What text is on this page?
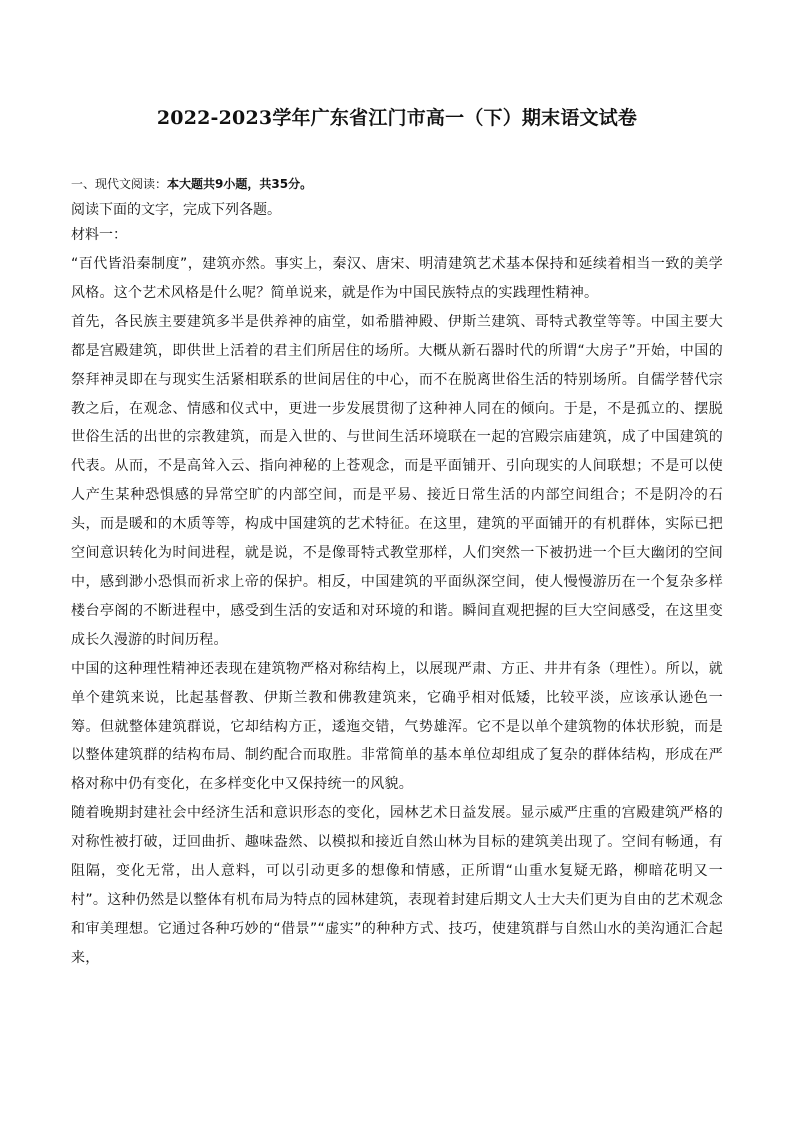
2022-2023学年广东省江门市高一（下）期末语文试卷
一、现代文阅读：本大题共9小题，共35分。
阅读下面的文字，完成下列各题。
材料一：

“百代皆沿秦制度”，建筑亦然。事实上，秦汉、唐宋、明清建筑艺术基本保持和延续着相当一致的美学风格。这个艺术风格是什么呢？简单说来，就是作为中国民族特点的实践理性精神。

首先，各民族主要建筑多半是供养神的庙堂，如希腊神殿、伊斯兰建筑、哥特式教堂等等。中国主要大都是宫殿建筑，即供世上活着的君主们所居住的场所。大概从新石器时代的所谓“大房子”开始，中国的祭拜神灵即在与现实生活紧相联系的世间居住的中心，而不在脱离世俗生活的特别场所。自儒学替代宗教之后，在观念、情感和仪式中，更进一步发展贯彻了这种神人同在的倾向。于是，不是孤立的、摆脱世俗生活的出世的宗教建筑，而是入世的、与世间生活环境联在一起的宫殿宗庙建筑，成了中国建筑的代表。从而，不是高耸入云、指向神秘的上苍观念，而是平面铺开、引向现实的人间联想；不是可以使人产生某种恐惧感的异常空旷的内部空间，而是平易、接近日常生活的内部空间组合；不是阴冷的石头，而是暖和的木质等等，构成中国建筑的艺术特征。在这里，建筑的平面铺开的有机群体，实际已把空间意识转化为时间进程，就是说，不是像哥特式教堂那样，人们突然一下被扔进一个巨大幽闭的空间中，感到渺小恐惧而祈求上帝的保护。相反，中国建筑的平面纵深空间，使人慢慢游历在一个复杂多样楼台亭阁的不断进程中，感受到生活的安适和对环境的和谐。瞬间直观把握的巨大空间感受，在这里变成长久漫游的时间历程。

中国的这种理性精神还表现在建筑物严格对称结构上，以展现严肃、方正、井井有条（理性）。所以，就单个建筑来说，比起基督教、伊斯兰教和佛教建筑来，它确乎相对低矮，比较平淡，应该承认逊色一筹。但就整体建筑群说，它却结构方正，逶迤交错，气势雄浑。它不是以单个建筑物的体状形貌，而是以整体建筑群的结构布局、制约配合而取胜。非常简单的基本单位却组成了复杂的群体结构，形成在严格对称中仍有变化，在多样变化中又保持统一的风貌。

随着晚期封建社会中经济生活和意识形态的变化，园林艺术日益发展。显示威严庄重的宫殿建筑严格的对称性被打破，迂回曲折、趣味盎然、以模拟和接近自然山林为目标的建筑美出现了。空间有畅通，有阻隔，变化无常，出人意料，可以引动更多的想像和情感，正所谓“山重水复疑无路，柳暗花明又一村”。这种仍然是以整体有机布局为特点的园林建筑，表现着封建后期文人士大夫们更为自由的艺术观念和审美理想。它通过各种巧妙的“借景”“虚实”的种种方式、技巧，使建筑群与自然山水的美沟通汇合起来，
